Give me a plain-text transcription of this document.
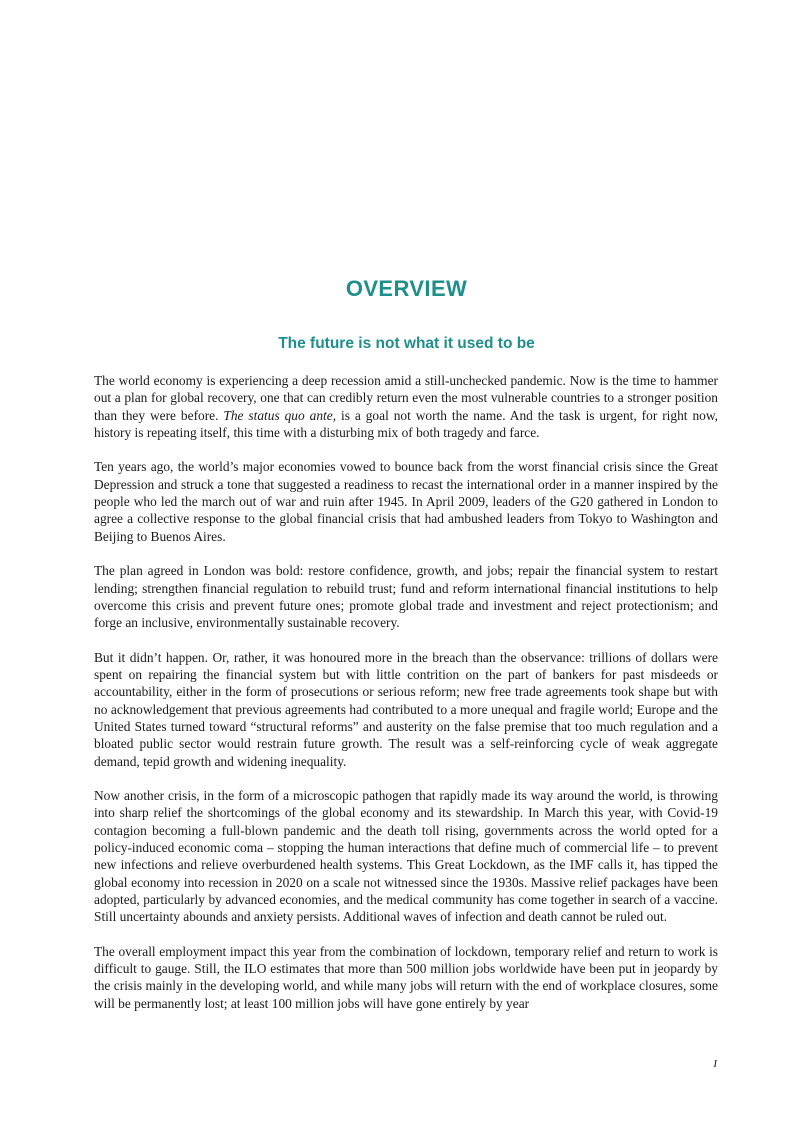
OVERVIEW
The future is not what it used to be

The world economy is experiencing a deep recession amid a still-unchecked pandemic. Now is the time to hammer out a plan for global recovery, one that can credibly return even the most vulnerable countries to a stronger position than they were before. The status quo ante, is a goal not worth the name. And the task is urgent, for right now, history is repeating itself, this time with a disturbing mix of both tragedy and farce.

Ten years ago, the world’s major economies vowed to bounce back from the worst financial crisis since the Great Depression and struck a tone that suggested a readiness to recast the international order in a manner inspired by the people who led the march out of war and ruin after 1945. In April 2009, leaders of the G20 gathered in London to agree a collective response to the global financial crisis that had ambushed leaders from Tokyo to Washington and Beijing to Buenos Aires.

The plan agreed in London was bold: restore confidence, growth, and jobs; repair the financial system to restart lending; strengthen financial regulation to rebuild trust; fund and reform international financial institutions to help overcome this crisis and prevent future ones; promote global trade and investment and reject protectionism; and forge an inclusive, environmentally sustainable recovery.

But it didn’t happen. Or, rather, it was honoured more in the breach than the observance: trillions of dollars were spent on repairing the financial system but with little contrition on the part of bankers for past misdeeds or accountability, either in the form of prosecutions or serious reform; new free trade agreements took shape but with no acknowledgement that previous agreements had contributed to a more unequal and fragile world; Europe and the United States turned toward “structural reforms” and austerity on the false premise that too much regulation and a bloated public sector would restrain future growth. The result was a self-reinforcing cycle of weak aggregate demand, tepid growth and widening inequality.

Now another crisis, in the form of a microscopic pathogen that rapidly made its way around the world, is throwing into sharp relief the shortcomings of the global economy and its stewardship. In March this year, with Covid-19 contagion becoming a full-blown pandemic and the death toll rising, governments across the world opted for a policy-induced economic coma – stopping the human interactions that define much of commercial life – to prevent new infections and relieve overburdened health systems. This Great Lockdown, as the IMF calls it, has tipped the global economy into recession in 2020 on a scale not witnessed since the 1930s. Massive relief packages have been adopted, particularly by advanced economies, and the medical community has come together in search of a vaccine. Still uncertainty abounds and anxiety persists. Additional waves of infection and death cannot be ruled out.

The overall employment impact this year from the combination of lockdown, temporary relief and return to work is difficult to gauge. Still, the ILO estimates that more than 500 million jobs worldwide have been put in jeopardy by the crisis mainly in the developing world, and while many jobs will return with the end of workplace closures, some will be permanently lost; at least 100 million jobs will have gone entirely by year

I
